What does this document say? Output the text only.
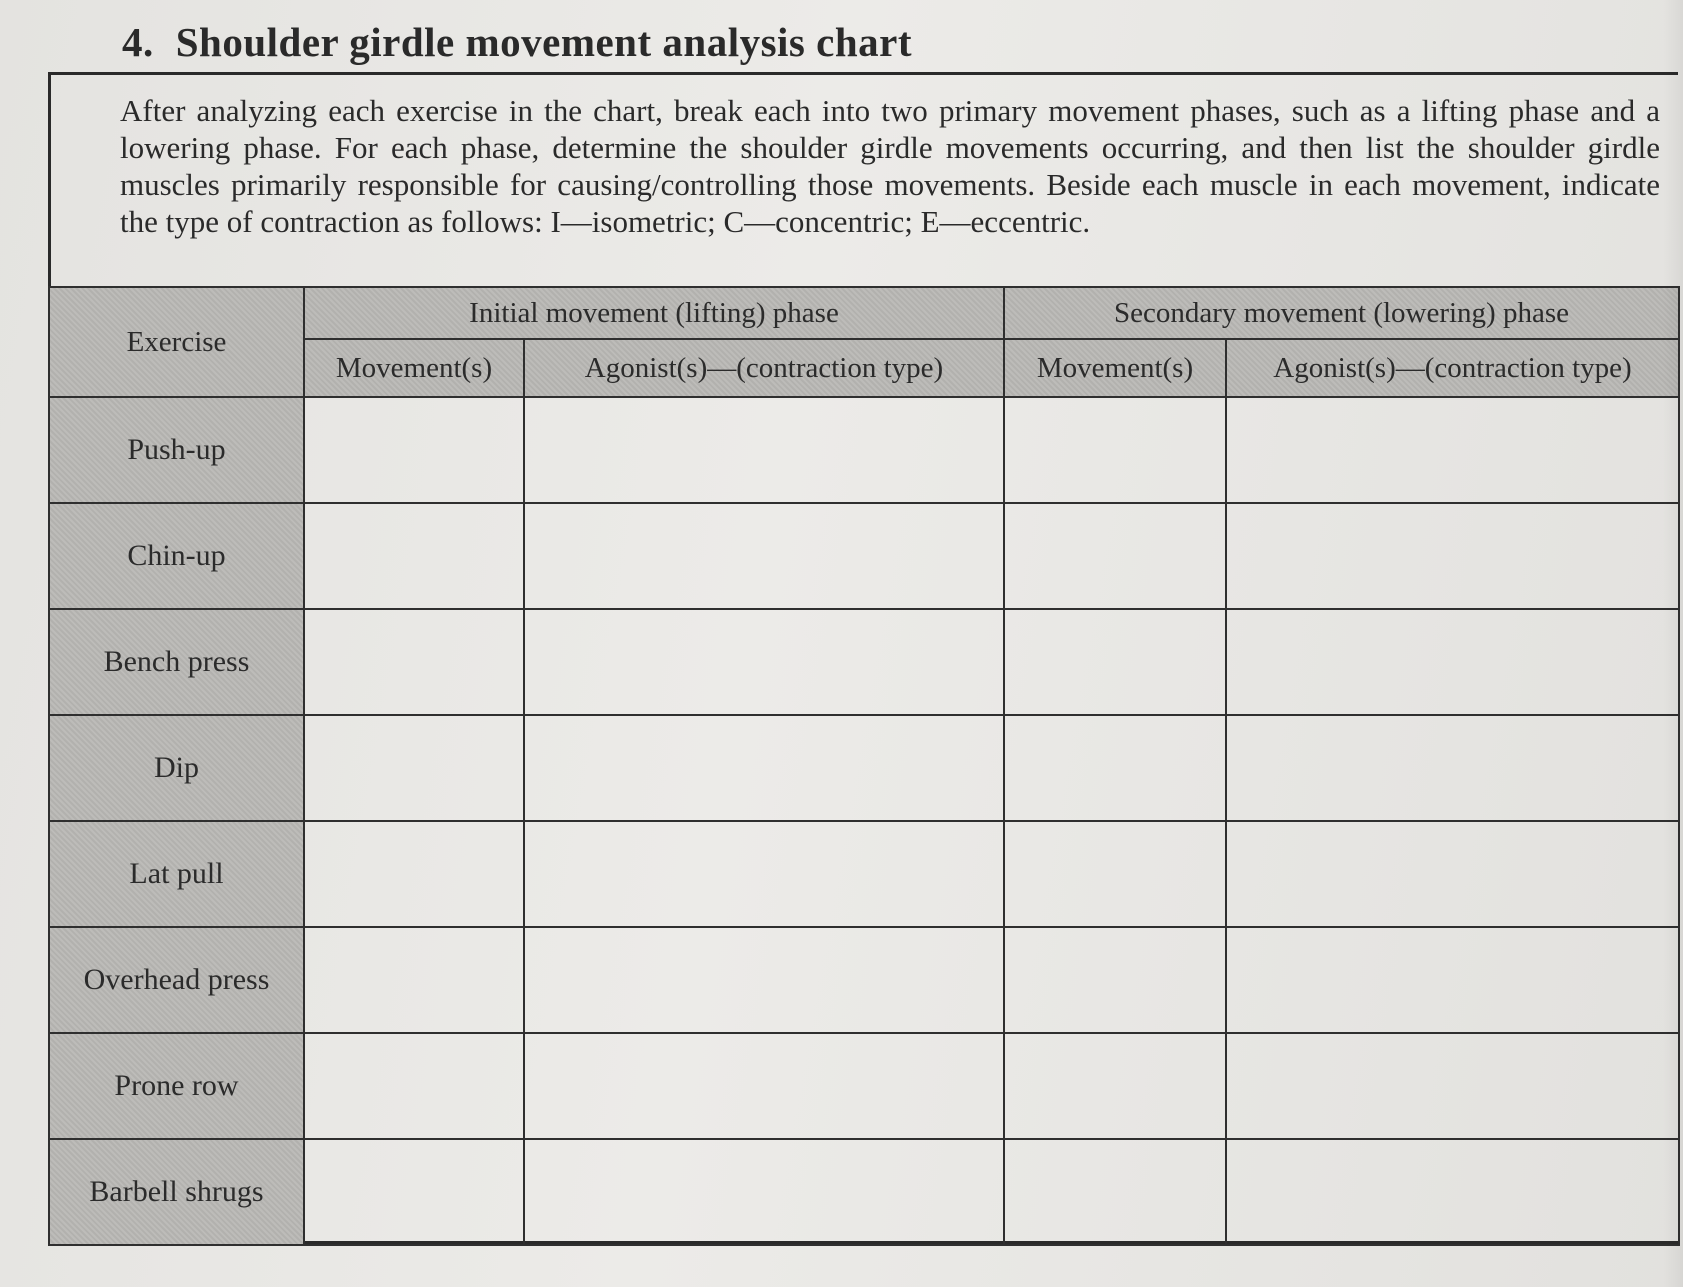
4. Shoulder girdle movement analysis chart
After analyzing each exercise in the chart, break each into two primary movement phases, such as a lifting phase and a lowering phase. For each phase, determine the shoulder girdle movements occurring, and then list the shoulder girdle muscles primarily responsible for causing/controlling those movements. Beside each muscle in each movement, indicate the type of contraction as follows: I—isometric; C—concentric; E—eccentric.
Exercise	Initial movement (lifting) phase		Secondary movement (lowering) phase	
	Movement(s)	Agonist(s)—(contraction type)	Movement(s)	Agonist(s)—(contraction type)
Push-up				
Chin-up				
Bench press				
Dip				
Lat pull				
Overhead press				
Prone row				
Barbell shrugs				
